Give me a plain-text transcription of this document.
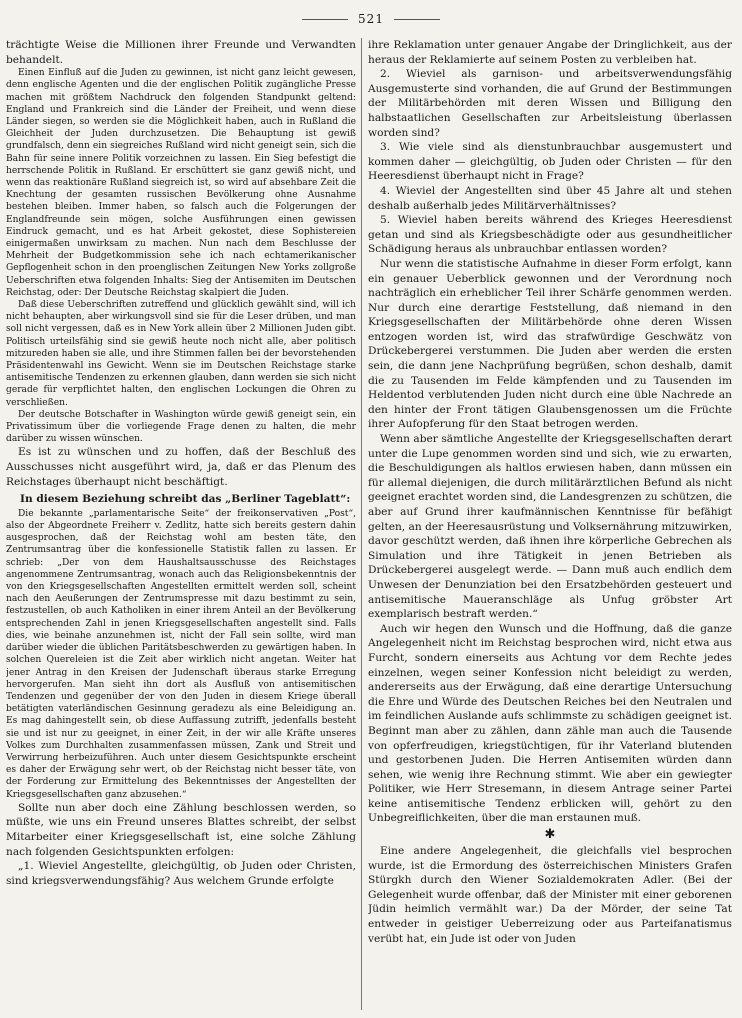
521

trächtigte Weise die Millionen ihrer Freunde und Verwandten behandelt.

Einen Einfluß auf die Juden zu gewinnen, ist nicht ganz leicht gewesen, denn englische Agenten und die der englischen Politik zugängliche Presse machen mit größtem Nachdruck den folgenden Standpunkt geltend: England und Frankreich sind die Länder der Freiheit, und wenn diese Länder siegen, so werden sie die Möglichkeit haben, auch in Rußland die Gleichheit der Juden durchzusetzen. Die Behauptung ist gewiß grundfalsch, denn ein siegreiches Rußland wird nicht geneigt sein, sich die Bahn für seine innere Politik vorzeichnen zu lassen. Ein Sieg befestigt die herrschende Politik in Rußland. Er erschüttert sie ganz gewiß nicht, und wenn das reaktionäre Rußland siegreich ist, so wird auf absehbare Zeit die Knechtung der gesamten russischen Bevölkerung ohne Ausnahme bestehen bleiben. Immer haben, so falsch auch die Folgerungen der Englandfreunde sein mögen, solche Ausführungen einen gewissen Eindruck gemacht, und es hat Arbeit gekostet, diese Sophistereien einigermaßen unwirksam zu machen. Nun nach dem Beschlusse der Mehrheit der Budgetkommission sehe ich nach echtamerikanischer Gepflogenheit schon in den proenglischen Zeitungen New Yorks zollgroße Ueberschriften etwa folgenden Inhalts: Sieg der Antisemiten im Deutschen Reichstag, oder: Der Deutsche Reichstag skalpiert die Juden.

Daß diese Ueberschriften zutreffend und glücklich gewählt sind, will ich nicht behaupten, aber wirkungsvoll sind sie für die Leser drüben, und man soll nicht vergessen, daß es in New York allein über 2 Millionen Juden gibt. Politisch urteilsfähig sind sie gewiß heute noch nicht alle, aber politisch mitzureden haben sie alle, und ihre Stimmen fallen bei der bevorstehenden Präsidentenwahl ins Gewicht. Wenn sie im Deutschen Reichstage starke antisemitische Tendenzen zu erkennen glauben, dann werden sie sich nicht gerade für verpflichtet halten, den englischen Lockungen die Ohren zu verschließen.

Der deutsche Botschafter in Washington würde gewiß geneigt sein, ein Privatissimum über die vorliegende Frage denen zu halten, die mehr darüber zu wissen wünschen.

Es ist zu wünschen und zu hoffen, daß der Beschluß des Ausschusses nicht ausgeführt wird, ja, daß er das Plenum des Reichstages überhaupt nicht beschäftigt.

In diesem Beziehung schreibt das „Berliner Tageblatt“:

Die bekannte „parlamentarische Seite“ der freikonservativen „Post“, also der Abgeordnete Freiherr v. Zedlitz, hatte sich bereits gestern dahin ausgesprochen, daß der Reichstag wohl am besten täte, den Zentrumsantrag über die konfessionelle Statistik fallen zu lassen. Er schrieb: „Der von dem Haushaltsausschusse des Reichstages angenommene Zentrumsantrag, wonach auch das Religionsbekenntnis der von den Kriegsgesellschaften Angestellten ermittelt werden soll, scheint nach den Aeußerungen der Zentrumspresse mit dazu bestimmt zu sein, festzustellen, ob auch Katholiken in einer ihrem Anteil an der Bevölkerung entsprechenden Zahl in jenen Kriegsgesellschaften angestellt sind. Falls dies, wie beinahe anzunehmen ist, nicht der Fall sein sollte, wird man darüber wieder die üblichen Paritätsbeschwerden zu gewärtigen haben. In solchen Quereleien ist die Zeit aber wirklich nicht angetan. Weiter hat jener Antrag in den Kreisen der Judenschaft überaus starke Erregung hervorgerufen. Man sieht ihn dort als Ausfluß von antisemitischen Tendenzen und gegenüber der von den Juden in diesem Kriege überall betätigten vaterländischen Gesinnung geradezu als eine Beleidigung an. Es mag dahingestellt sein, ob diese Auffassung zutrifft, jedenfalls besteht sie und ist nur zu geeignet, in einer Zeit, in der wir alle Kräfte unseres Volkes zum Durchhalten zusammenfassen müssen, Zank und Streit und Verwirrung herbeizuführen. Auch unter diesem Gesichtspunkte erscheint es daher der Erwägung sehr wert, ob der Reichstag nicht besser täte, von der Forderung zur Ermittelung des Bekenntnisses der Angestellten der Kriegsgesellschaften ganz abzusehen.“

Sollte nun aber doch eine Zählung beschlossen werden, so müßte, wie uns ein Freund unseres Blattes schreibt, der selbst Mitarbeiter einer Kriegsgesellschaft ist, eine solche Zählung nach folgenden Gesichtspunkten erfolgen:

„1. Wieviel Angestellte, gleichgültig, ob Juden oder Christen, sind kriegsverwendungsfähig? Aus welchem Grunde erfolgte

ihre Reklamation unter genauer Angabe der Dringlichkeit, aus der heraus der Reklamierte auf seinem Posten zu verbleiben hat.

2. Wieviel als garnison- und arbeitsverwendungsfähig Ausgemusterte sind vorhanden, die auf Grund der Bestimmungen der Militärbehörden mit deren Wissen und Billigung den halbstaatlichen Gesellschaften zur Arbeitsleistung überlassen worden sind?
3. Wie viele sind als dienstunbrauchbar ausgemustert und kommen daher — gleichgültig, ob Juden oder Christen — für den Heeresdienst überhaupt nicht in Frage?
4. Wieviel der Angestellten sind über 45 Jahre alt und stehen deshalb außerhalb jedes Militärverhältnisses?
5. Wieviel haben bereits während des Krieges Heeresdienst getan und sind als Kriegsbeschädigte oder aus gesundheitlicher Schädigung heraus als unbrauchbar entlassen worden?

Nur wenn die statistische Aufnahme in dieser Form erfolgt, kann ein genauer Ueberblick gewonnen und der Verordnung noch nachträglich ein erheblicher Teil ihrer Schärfe genommen werden. Nur durch eine derartige Feststellung, daß niemand in den Kriegsgesellschaften der Militärbehörde ohne deren Wissen entzogen worden ist, wird das strafwürdige Geschwätz von Drückebergerei verstummen. Die Juden aber werden die ersten sein, die dann jene Nachprüfung begrüßen, schon deshalb, damit die zu Tausenden im Felde kämpfenden und zu Tausenden im Heldentod verblutenden Juden nicht durch eine üble Nachrede an den hinter der Front tätigen Glaubensgenossen um die Früchte ihrer Aufopferung für den Staat betrogen werden.

Wenn aber sämtliche Angestellte der Kriegsgesellschaften derart unter die Lupe genommen worden sind und sich, wie zu erwarten, die Beschuldigungen als haltlos erwiesen haben, dann müssen ein für allemal diejenigen, die durch militärärztlichen Befund als nicht geeignet erachtet worden sind, die Landesgrenzen zu schützen, die aber auf Grund ihrer kaufmännischen Kenntnisse für befähigt gelten, an der Heeresausrüstung und Volksernährung mitzuwirken, davor geschützt werden, daß ihnen ihre körperliche Gebrechen als Simulation und ihre Tätigkeit in jenen Betrieben als Drückebergerei ausgelegt werde. — Dann muß auch endlich dem Unwesen der Denunziation bei den Ersatzbehörden gesteuert und antisemitische Maueranschläge als Unfug gröbster Art exemplarisch bestraft werden.“

Auch wir hegen den Wunsch und die Hoffnung, daß die ganze Angelegenheit nicht im Reichstag besprochen wird, nicht etwa aus Furcht, sondern einerseits aus Achtung vor dem Rechte jedes einzelnen, wegen seiner Konfession nicht beleidigt zu werden, andererseits aus der Erwägung, daß eine derartige Untersuchung die Ehre und Würde des Deutschen Reiches bei den Neutralen und im feindlichen Auslande aufs schlimmste zu schädigen geeignet ist. Beginnt man aber zu zählen, dann zähle man auch die Tausende von opferfreudigen, kriegstüchtigen, für ihr Vaterland blutenden und gestorbenen Juden. Die Herren Antisemiten würden dann sehen, wie wenig ihre Rechnung stimmt. Wie aber ein gewiegter Politiker, wie Herr Stresemann, in diesem Antrage seiner Partei keine antisemitische Tendenz erblicken will, gehört zu den Unbegreiflichkeiten, über die man erstaunen muß.

✱

Eine andere Angelegenheit, die gleichfalls viel besprochen wurde, ist die Ermordung des österreichischen Ministers Grafen Stürgkh durch den Wiener Sozialdemokraten Adler. (Bei der Gelegenheit wurde offenbar, daß der Minister mit einer geborenen Jüdin heimlich vermählt war.) Da der Mörder, der seine Tat entweder in geistiger Ueberreizung oder aus Parteifanatismus verübt hat, ein Jude ist oder von Juden
